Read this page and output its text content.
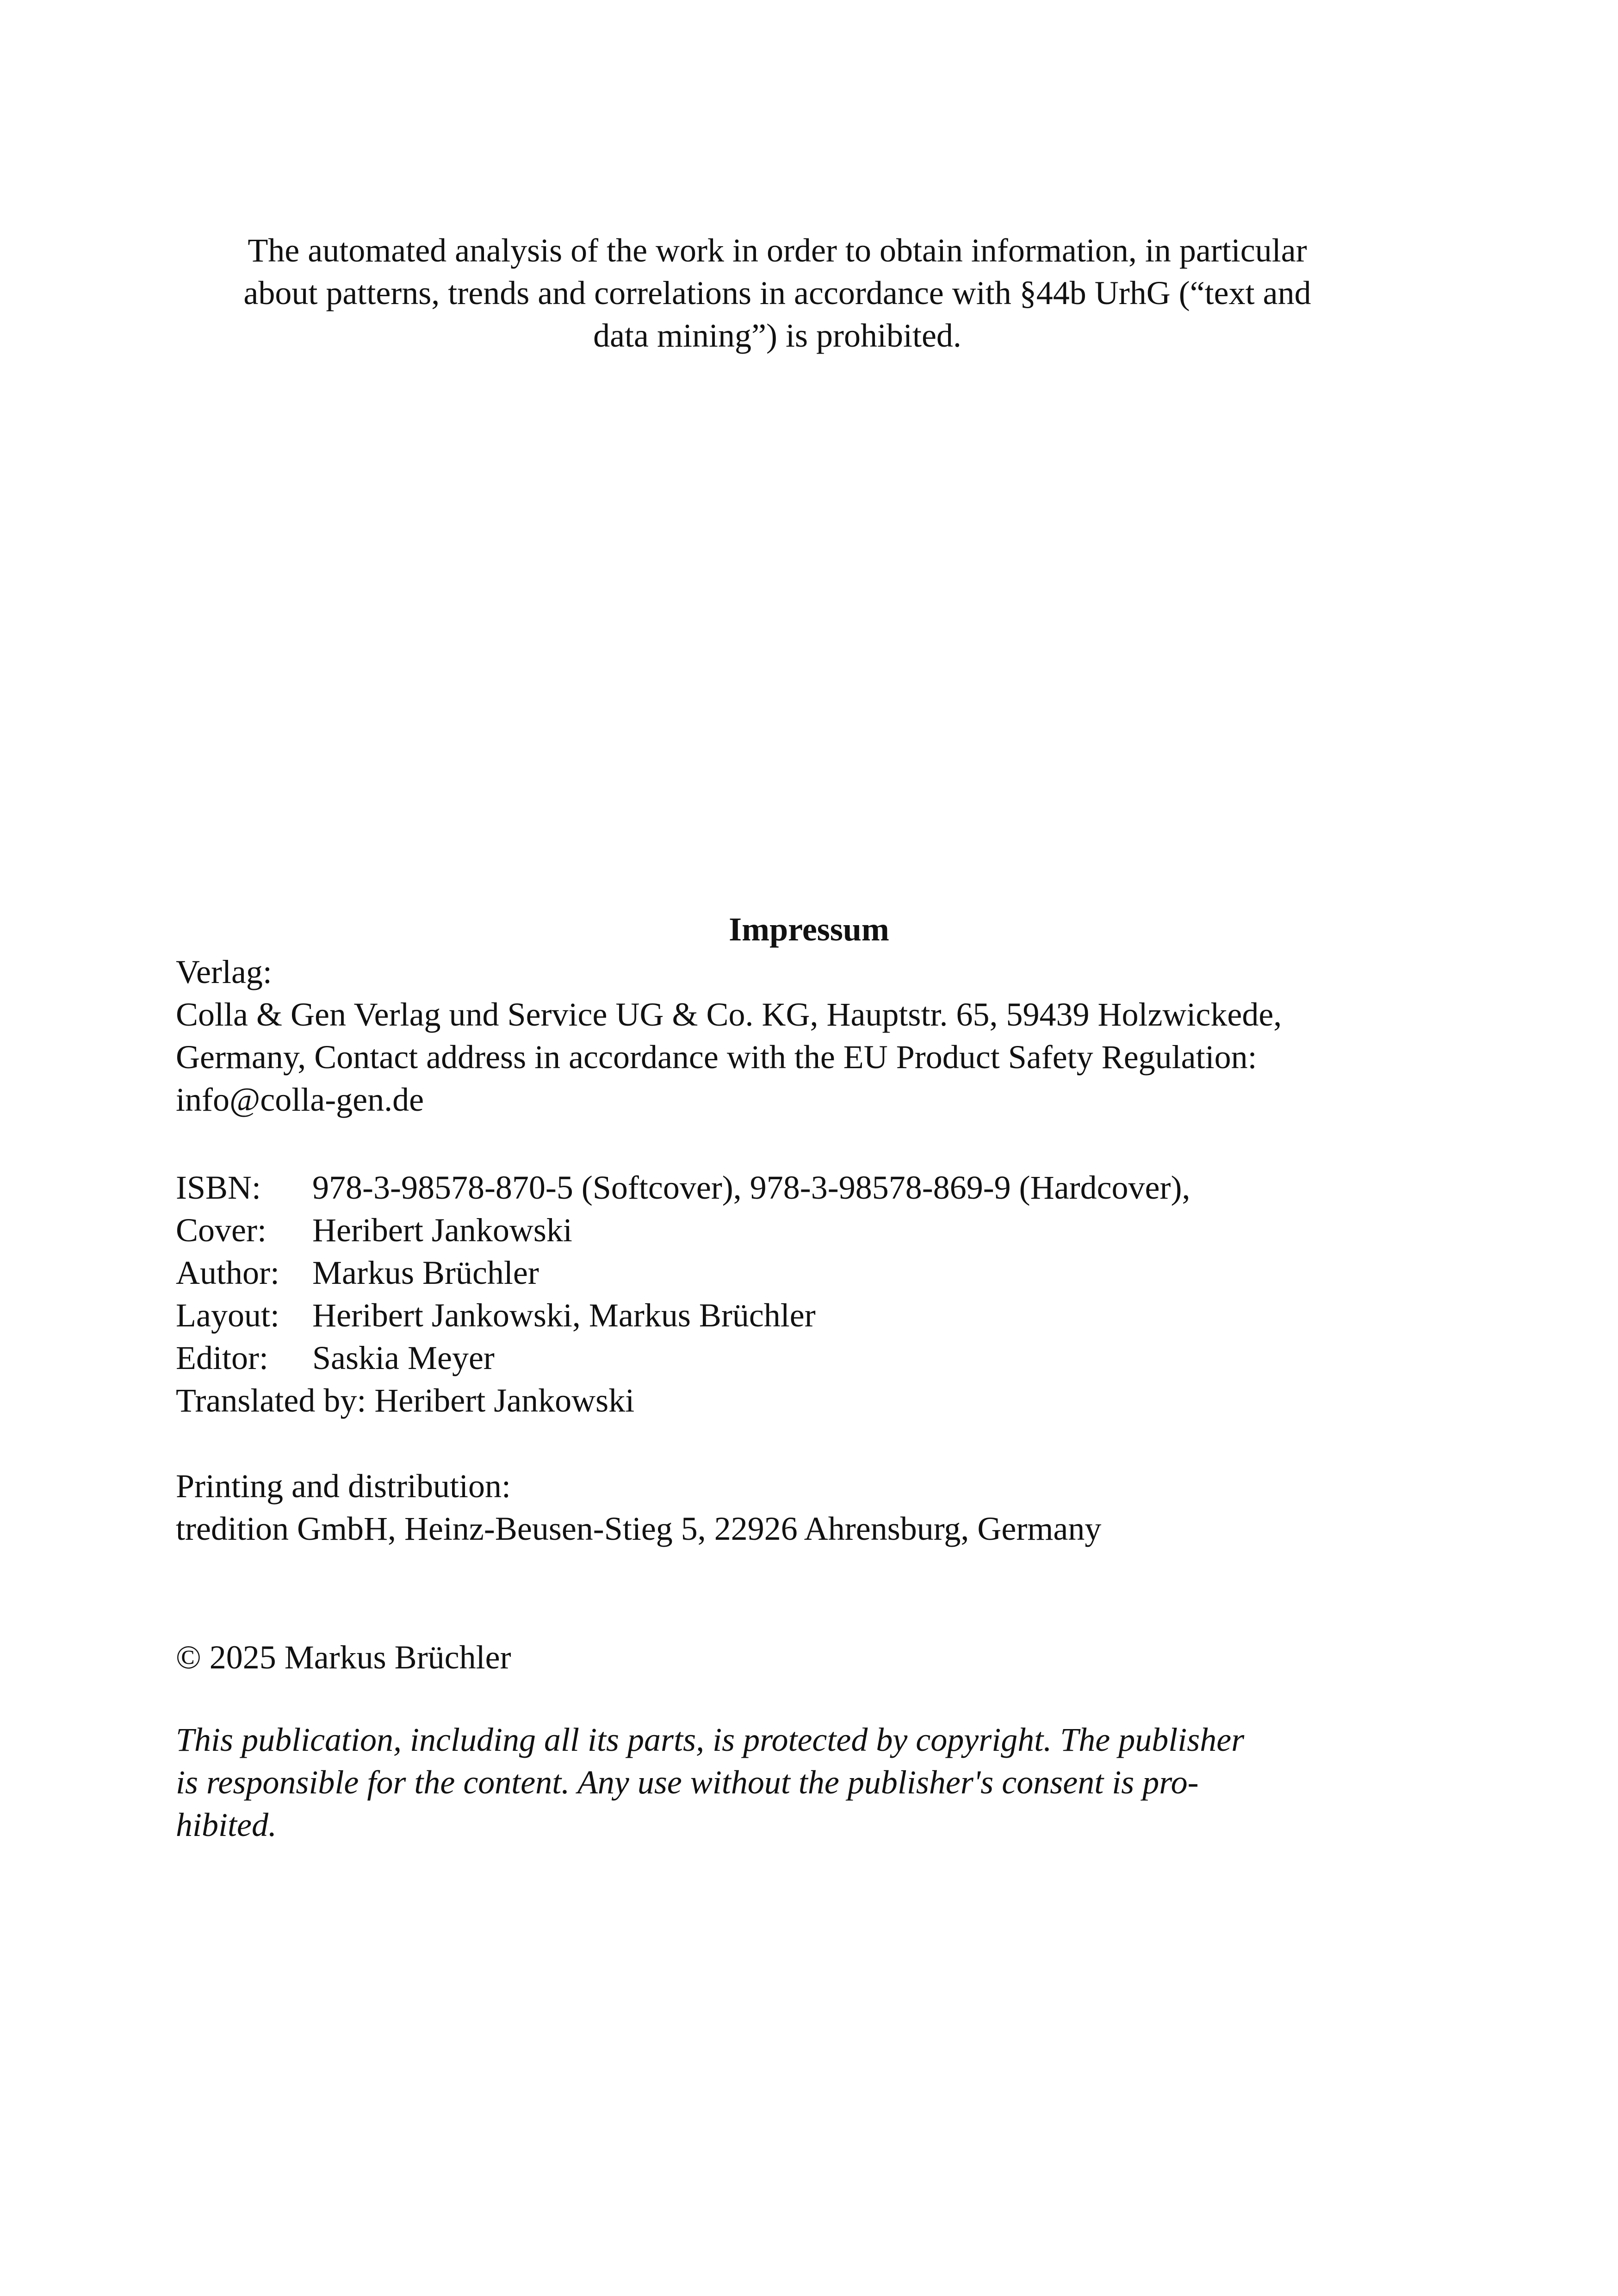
The automated analysis of the work in order to obtain information, in particular
about patterns, trends and correlations in accordance with §44b UrhG (“text and
data mining”) is prohibited.
Impressum
Verlag:
Colla & Gen Verlag und Service UG & Co. KG, Hauptstr. 65, 59439 Holzwickede,
Germany, Contact address in accordance with the EU Product Safety Regulation:
info@colla-gen.de
ISBN:	978-3-98578-870-5 (Softcover), 978-3-98578-869-9 (Hardcover),
Cover:	Heribert Jankowski
Author: Markus Brüchler
Layout: Heribert Jankowski, Markus Brüchler
Editor:	Saskia Meyer
Translated by: Heribert Jankowski
Printing and distribution:
tredition GmbH, Heinz-Beusen-Stieg 5, 22926 Ahrensburg, Germany
© 2025 Markus Brüchler
This publication, including all its parts, is protected by copyright. The publisher
is responsible for the content. Any use without the publisher's consent is pro-
hibited.
